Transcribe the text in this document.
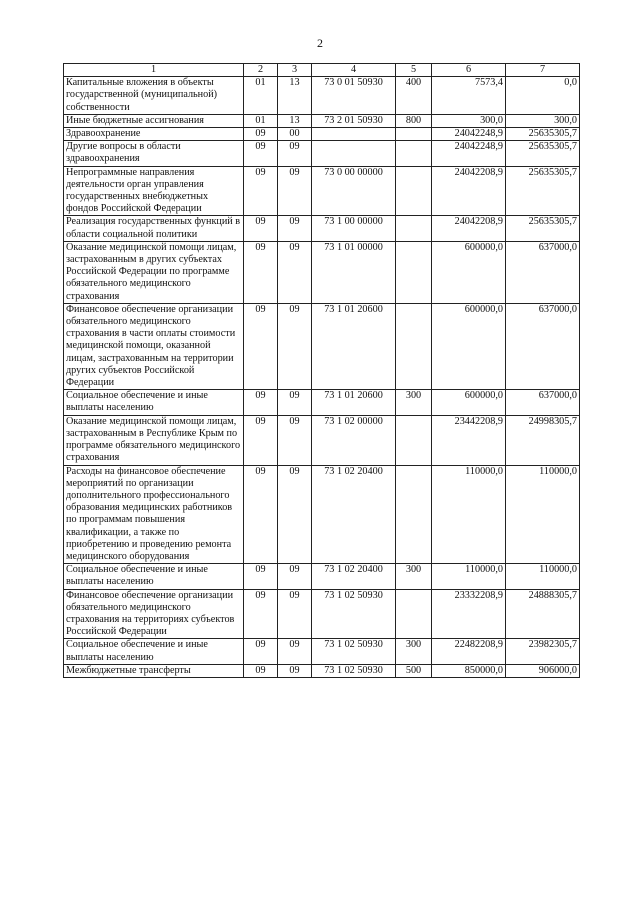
2
1	2	3	4	5	6	7
Капитальные вложения в объекты государственной (муниципальной) собственности	01	13	73 0 01 50930	400	7573,4	0,0
Иные бюджетные ассигнования	01	13	73 2 01 50930	800	300,0	300,0
Здравоохранение	09	00			24042248,9	25635305,7
Другие вопросы в области здравоохранения	09	09			24042248,9	25635305,7
Непрограммные направления деятельности орган управления государственных внебюджетных фондов Российской Федерации	09	09	73 0 00 00000		24042208,9	25635305,7
Реализация государственных функций в области социальной политики	09	09	73 1 00 00000		24042208,9	25635305,7
Оказание медицинской помощи лицам, застрахованным в других субъектах Российской Федерации по программе обязательного медицинского страхования	09	09	73 1 01 00000		600000,0	637000,0
Финансовое обеспечение организации обязательного медицинского страхования в части оплаты стоимости медицинской помощи, оказанной лицам, застрахованным на территории других субъектов Российской Федерации	09	09	73 1 01 20600		600000,0	637000,0
Социальное обеспечение и иные выплаты населению	09	09	73 1 01 20600	300	600000,0	637000,0
Оказание медицинской помощи лицам, застрахованным в Республике Крым по программе обязательного медицинского страхования	09	09	73 1 02 00000		23442208,9	24998305,7
Расходы на финансовое обеспечение мероприятий по организации дополнительного профессионального образования медицинских работников по программам повышения квалификации, а также по приобретению и проведению ремонта медицинского оборудования	09	09	73 1 02 20400		110000,0	110000,0
Социальное обеспечение и иные выплаты населению	09	09	73 1 02 20400	300	110000,0	110000,0
Финансовое обеспечение организации обязательного медицинского страхования на территориях субъектов Российской Федерации	09	09	73 1 02 50930		23332208,9	24888305,7
Социальное обеспечение и иные выплаты населению	09	09	73 1 02 50930	300	22482208,9	23982305,7
Межбюджетные трансферты	09	09	73 1 02 50930	500	850000,0	906000,0
